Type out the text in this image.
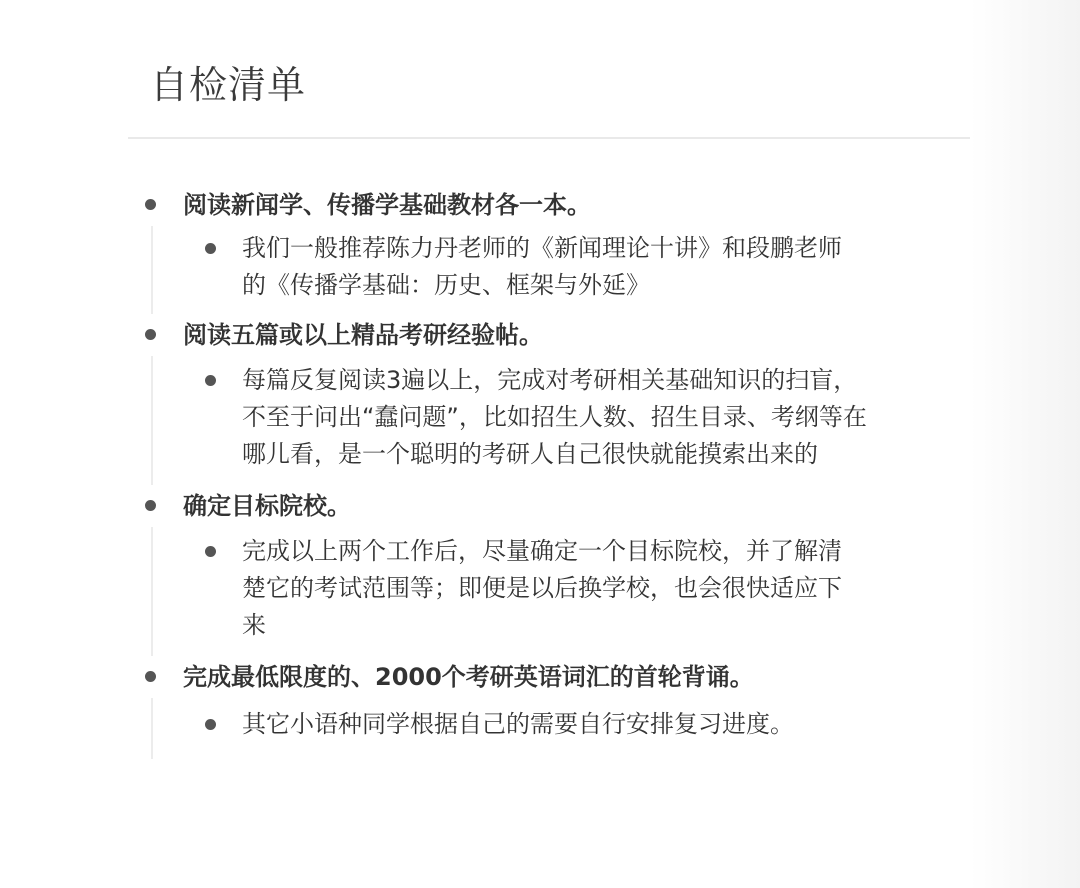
自检清单
阅读新闻学、传播学基础教材各一本。
我们一般推荐陈力丹老师的《新闻理论十讲》和段鹏老师
的《传播学基础：历史、框架与外延》
阅读五篇或以上精品考研经验帖。
每篇反复阅读3遍以上，完成对考研相关基础知识的扫盲，
不至于问出“蠢问题”，比如招生人数、招生目录、考纲等在
哪儿看，是一个聪明的考研人自己很快就能摸索出来的
确定目标院校。
完成以上两个工作后，尽量确定一个目标院校，并了解清
楚它的考试范围等；即便是以后换学校，也会很快适应下
来
完成最低限度的、2000个考研英语词汇的首轮背诵。
其它小语种同学根据自己的需要自行安排复习进度。
